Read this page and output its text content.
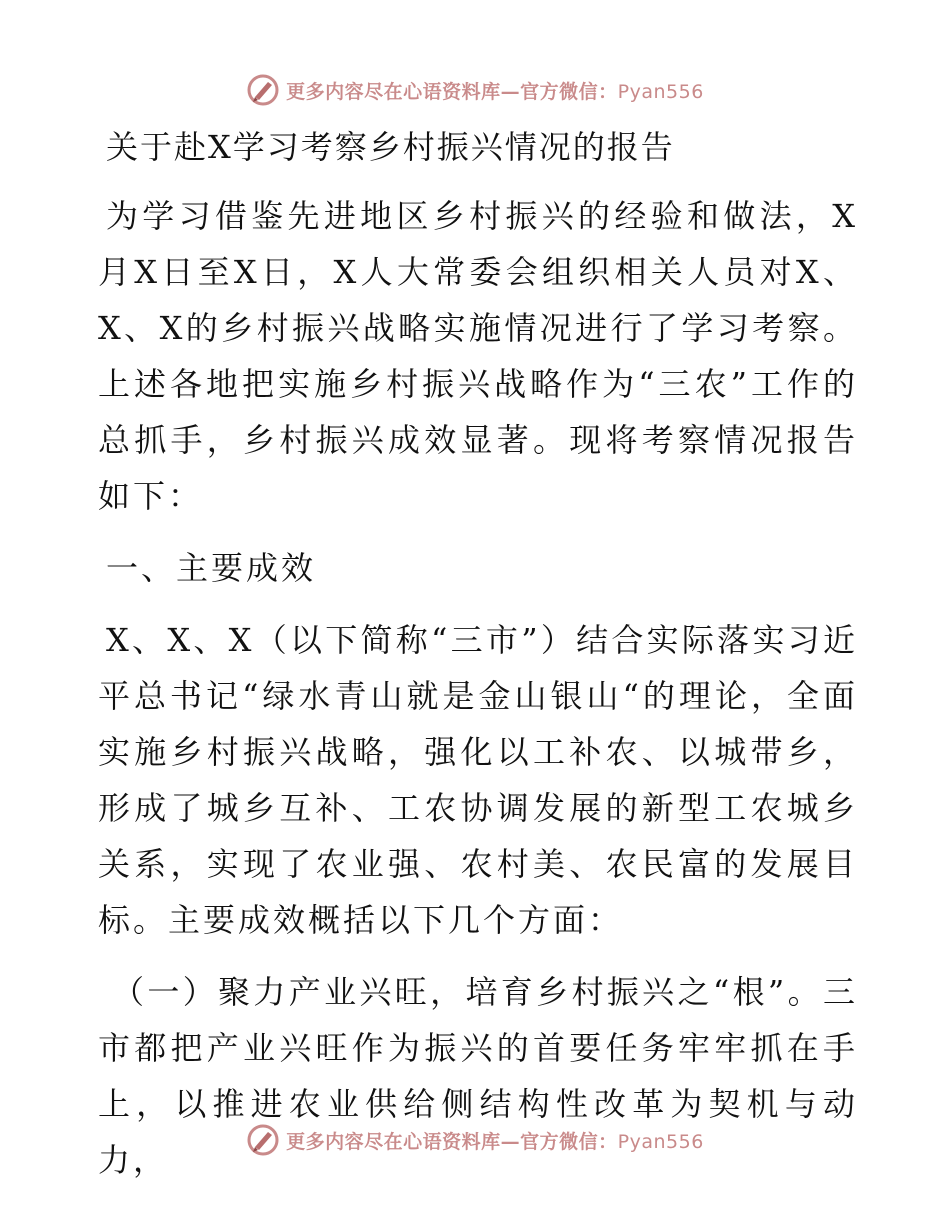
更多内容尽在心语资料库—官方微信：Pyan556
关于赴X学习考察乡村振兴情况的报告

为学习借鉴先进地区乡村振兴的经验和做法，X月X日至X日，X人大常委会组织相关人员对X、X、X的乡村振兴战略实施情况进行了学习考察。上述各地把实施乡村振兴战略作为“三农”工作的总抓手，乡村振兴成效显著。现将考察情况报告如下：

一、主要成效

X、X、X（以下简称“三市”）结合实际落实习近平总书记“绿水青山就是金山银山“的理论，全面实施乡村振兴战略，强化以工补农、以城带乡，形成了城乡互补、工农协调发展的新型工农城乡关系，实现了农业强、农村美、农民富的发展目标。主要成效概括以下几个方面：

（一）聚力产业兴旺，培育乡村振兴之“根”。三市都把产业兴旺作为振兴的首要任务牢牢抓在手上，以推进农业供给侧结构性改革为契机与动力，	更多内容尽在心语资料库—官方微信：Pyan556
